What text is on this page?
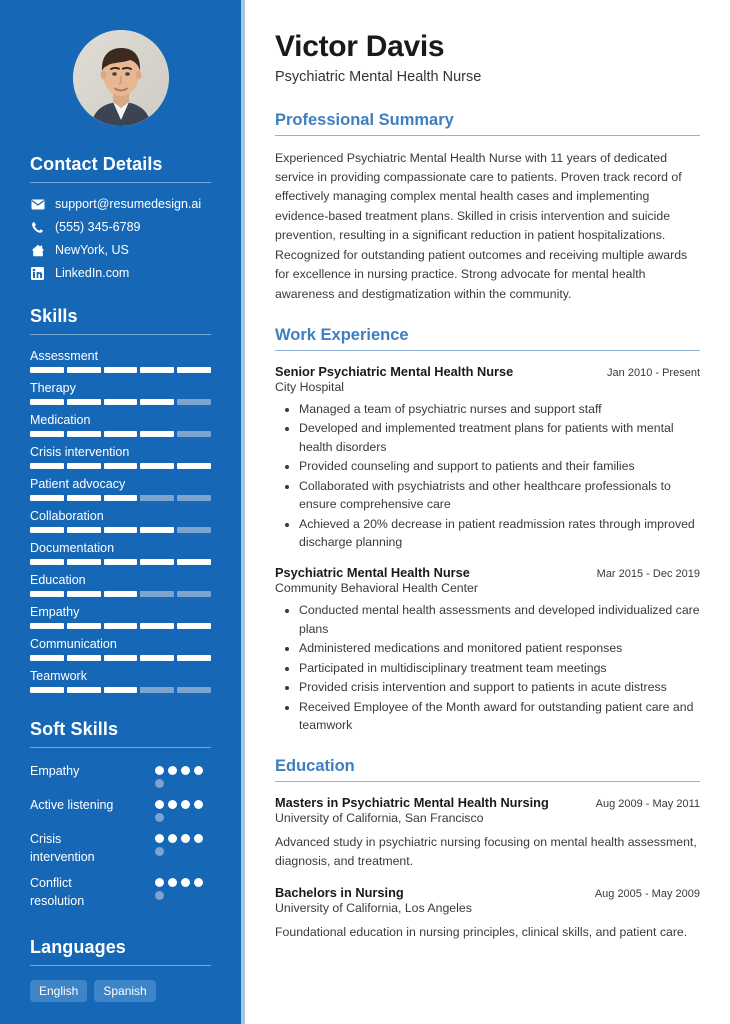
Contact Details
support@resumedesign.ai
(555) 345-6789
NewYork, US
LinkedIn.com
Skills
Assessment
Therapy
Medication
Crisis intervention
Patient advocacy
Collaboration
Documentation
Education
Empathy
Communication
Teamwork
Soft Skills
Empathy
Active listening
Crisis intervention
Conflict resolution
Languages
English	Spanish
Victor Davis
Psychiatric Mental Health Nurse
Professional Summary

Experienced Psychiatric Mental Health Nurse with 11 years of dedicated service in providing compassionate care to patients. Proven track record of effectively managing complex mental health cases and implementing evidence-based treatment plans. Skilled in crisis intervention and suicide prevention, resulting in a significant reduction in patient hospitalizations. Recognized for outstanding patient outcomes and receiving multiple awards for excellence in nursing practice. Strong advocate for mental health awareness and destigmatization within the community.

Work Experience
Senior Psychiatric Mental Health Nurse	Jan 2010 - Present
City Hospital
• Managed a team of psychiatric nurses and support staff
• Developed and implemented treatment plans for patients with mental health disorders
• Provided counseling and support to patients and their families
• Collaborated with psychiatrists and other healthcare professionals to ensure comprehensive care
• Achieved a 20% decrease in patient readmission rates through improved discharge planning
Psychiatric Mental Health Nurse	Mar 2015 - Dec 2019
Community Behavioral Health Center
• Conducted mental health assessments and developed individualized care plans
• Administered medications and monitored patient responses
• Participated in multidisciplinary treatment team meetings
• Provided crisis intervention and support to patients in acute distress
• Received Employee of the Month award for outstanding patient care and teamwork
Education
Masters in Psychiatric Mental Health Nursing	Aug 2009 - May 2011
University of California, San Francisco
Advanced study in psychiatric nursing focusing on mental health assessment, diagnosis, and treatment.
Bachelors in Nursing	Aug 2005 - May 2009
University of California, Los Angeles
Foundational education in nursing principles, clinical skills, and patient care.
